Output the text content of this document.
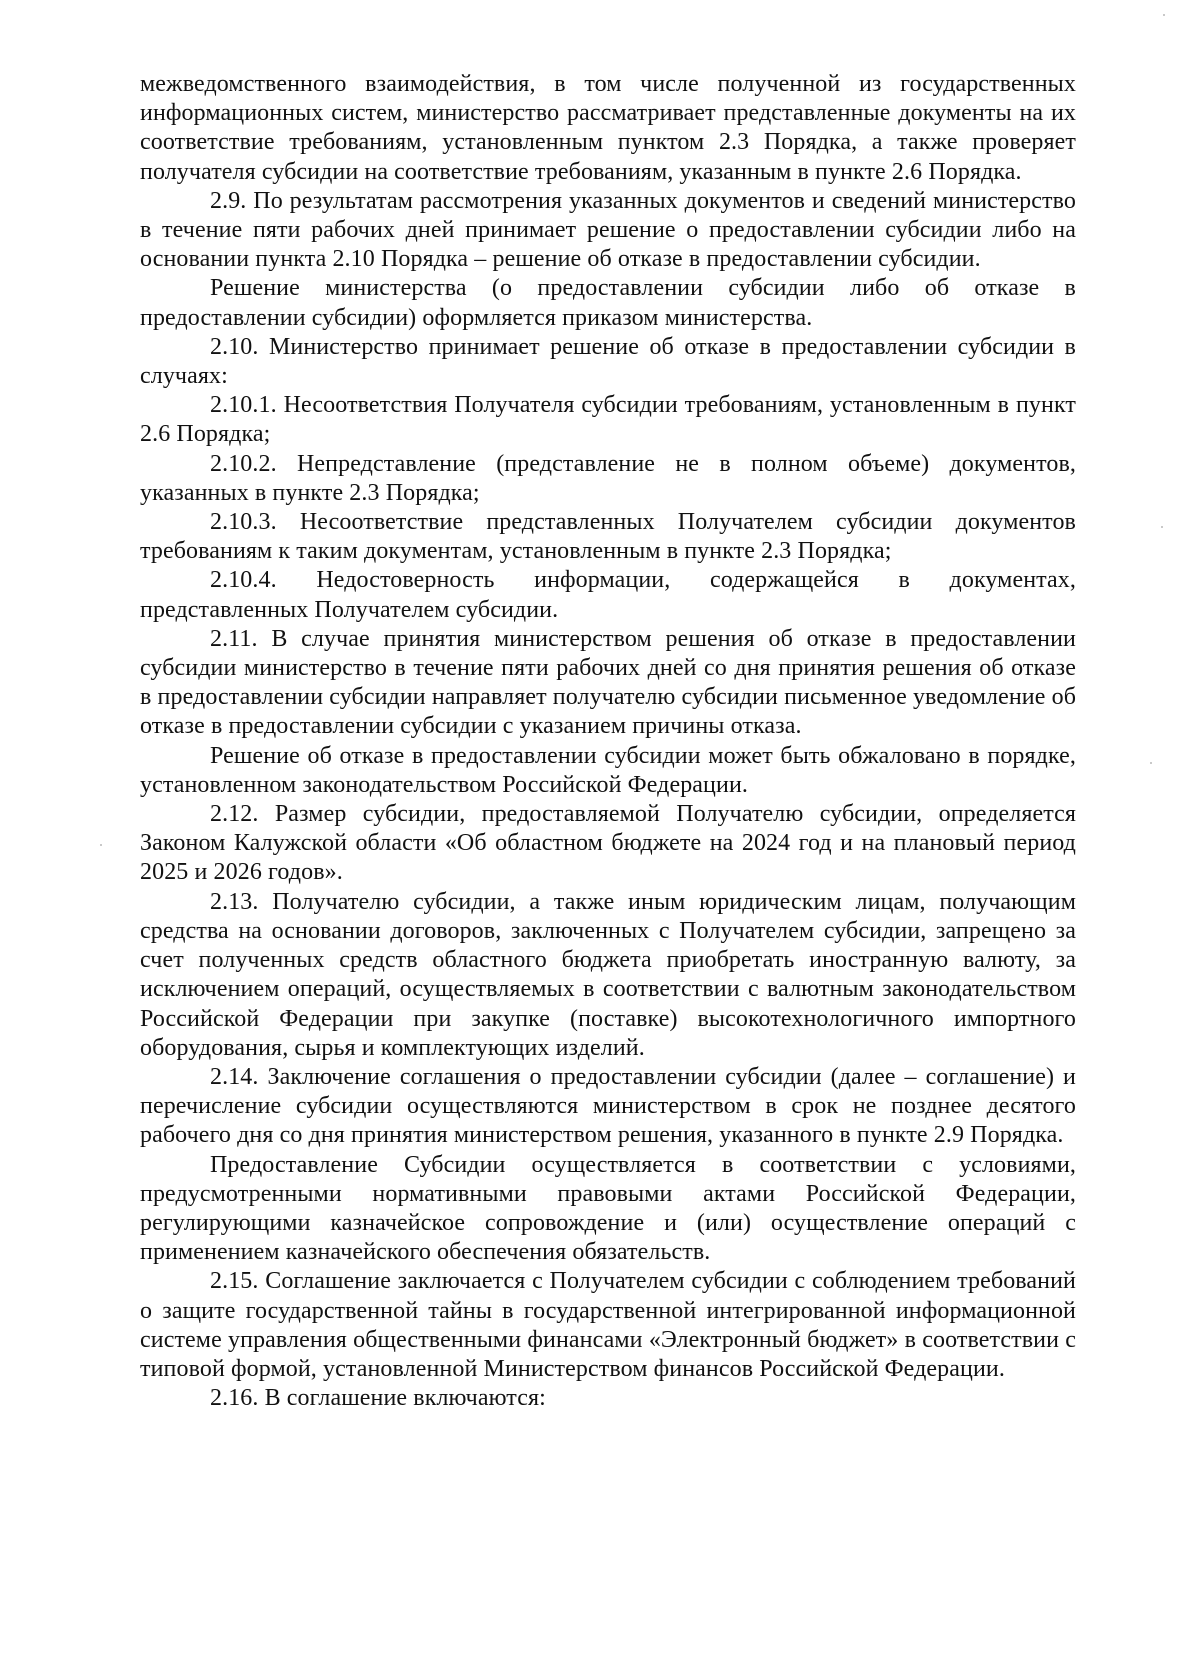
межведомственного взаимодействия, в том числе полученной из государственных информационных систем, министерство рассматривает представленные документы на их соответствие требованиям, установленным пунктом 2.3 Порядка, а также проверяет получателя субсидии на соответствие требованиям, указанным в пункте 2.6 Порядка.

2.9. По результатам рассмотрения указанных документов и сведений министерство в течение пяти рабочих дней принимает решение о предоставлении субсидии либо на основании пункта 2.10 Порядка – решение об отказе в предоставлении субсидии.

Решение министерства (о предоставлении субсидии либо об отказе в предоставлении субсидии) оформляется приказом министерства.

2.10. Министерство принимает решение об отказе в предоставлении субсидии в случаях:

2.10.1. Несоответствия Получателя субсидии требованиям, установленным в пункт 2.6 Порядка;

2.10.2. Непредставление (представление не в полном объеме) документов, указанных в пункте 2.3 Порядка;

2.10.3. Несоответствие представленных Получателем субсидии документов требованиям к таким документам, установленным в пункте 2.3 Порядка;

2.10.4. Недостоверность информации, содержащейся в документах, представленных Получателем субсидии.

2.11. В случае принятия министерством решения об отказе в предоставлении субсидии министерство в течение пяти рабочих дней со дня принятия решения об отказе в предоставлении субсидии направляет получателю субсидии письменное уведомление об отказе в предоставлении субсидии с указанием причины отказа.

Решение об отказе в предоставлении субсидии может быть обжаловано в порядке, установленном законодательством Российской Федерации.

2.12. Размер субсидии, предоставляемой Получателю субсидии, определяется Законом Калужской области «Об областном бюджете на 2024 год и на плановый период 2025 и 2026 годов».

2.13. Получателю субсидии, а также иным юридическим лицам, получающим средства на основании договоров, заключенных с Получателем субсидии, запрещено за счет полученных средств областного бюджета приобретать иностранную валюту, за исключением операций, осуществляемых в соответствии с валютным законодательством Российской Федерации при закупке (поставке) высокотехнологичного импортного оборудования, сырья и комплектующих изделий.

2.14. Заключение соглашения о предоставлении субсидии (далее – соглашение) и перечисление субсидии осуществляются министерством в срок не позднее десятого рабочего дня со дня принятия министерством решения, указанного в пункте 2.9 Порядка.

Предоставление Субсидии осуществляется в соответствии с условиями, предусмотренными нормативными правовыми актами Российской Федерации, регулирующими казначейское сопровождение и (или) осуществление операций с применением казначейского обеспечения обязательств.

2.15. Соглашение заключается с Получателем субсидии с соблюдением требований о защите государственной тайны в государственной интегрированной информационной системе управления общественными финансами «Электронный бюджет» в соответствии с типовой формой, установленной Министерством финансов Российской Федерации.

2.16. В соглашение включаются:
